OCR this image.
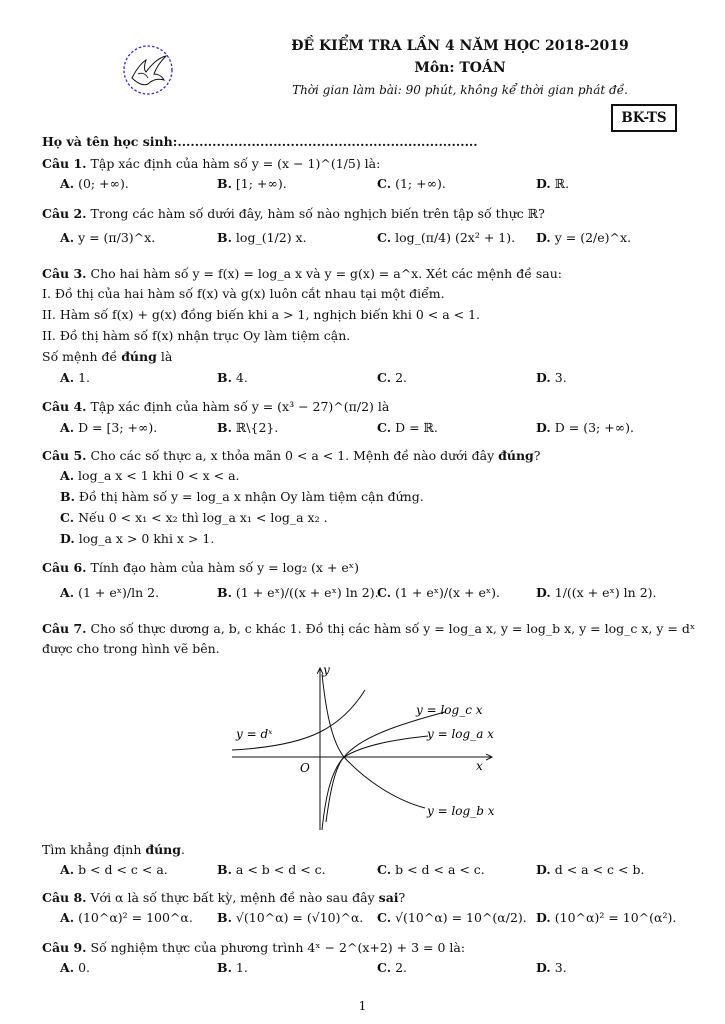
ĐỀ KIỂM TRA LẦN 4 NĂM HỌC 2018-2019
Môn: TOÁN
Thời gian làm bài: 90 phút, không kể thời gian phát đề.
BK-TS
Họ và tên học sinh:.....................................................................
Câu 1. Tập xác định của hàm số y = (x − 1)^(1/5) là:
A. (0; +∞).	B. [1; +∞).	C. (1; +∞).	D. ℝ.
Câu 2. Trong các hàm số dưới đây, hàm số nào nghịch biến trên tập số thực ℝ?
A. y = (π/3)^x.	B. log_(1/2) x.	C. log_(π/4) (2x² + 1). D. y = (2/e)^x.
Câu 3. Cho hai hàm số y = f(x) = log_a x và y = g(x) = a^x. Xét các mệnh đề sau:
I. Đồ thị của hai hàm số f(x) và g(x) luôn cắt nhau tại một điểm.
II. Hàm số f(x) + g(x) đồng biến khi a > 1, nghịch biến khi 0 < a < 1.
II. Đồ thị hàm số f(x) nhận trục Oy làm tiệm cận.
Số mệnh đề đúng là
A. 1.	B. 4.	C. 2.	D. 3.
Câu 4. Tập xác định của hàm số y = (x³ − 27)^(π/2) là
A. D = [3; +∞).	B. ℝ\{2}.	C. D = ℝ.	D. D = (3; +∞).
Câu 5. Cho các số thực a, x thỏa mãn 0 < a < 1. Mệnh đề nào dưới đây đúng?
A. log_a x < 1 khi 0 < x < a.
B. Đồ thị hàm số y = log_a x nhận Oy làm tiệm cận đứng.
C. Nếu 0 < x₁ < x₂ thì log_a x₁ < log_a x₂ .
D. log_a x > 0 khi x > 1.
Câu 6. Tính đạo hàm của hàm số y = log₂ (x + eˣ)
A. (1 + eˣ)/ln 2.	B. (1 + eˣ)/((x + eˣ) ln 2).
C. (1 + eˣ)/(x + eˣ).	D. 1/((x + eˣ) ln 2).
Câu 7. Cho số thực dương a, b, c khác 1. Đồ thị các hàm số y = log_a x, y = log_b x, y = log_c x, y = dˣ
được cho trong hình vẽ bên.
y
x
O
y = log_c x
y = log_a x
y = dˣ
y = log_b x
Tìm khẳng định đúng.
A. b < d < c < a.	B. a < b < d < c.	C. b < d < a < c.	D. d < a < c < b.
Câu 8. Với α là số thực bất kỳ, mệnh đề nào sau đây sai?
A. (10^α)² = 100^α. B. √(10^α) = (√10)^α. C. √(10^α) = 10^(α/2). D. (10^α)² = 10^(α²).
Câu 9. Số nghiệm thực của phương trình 4ˣ − 2^(x+2) + 3 = 0 là:
A. 0.	B. 1.	C. 2.	D. 3.
1
